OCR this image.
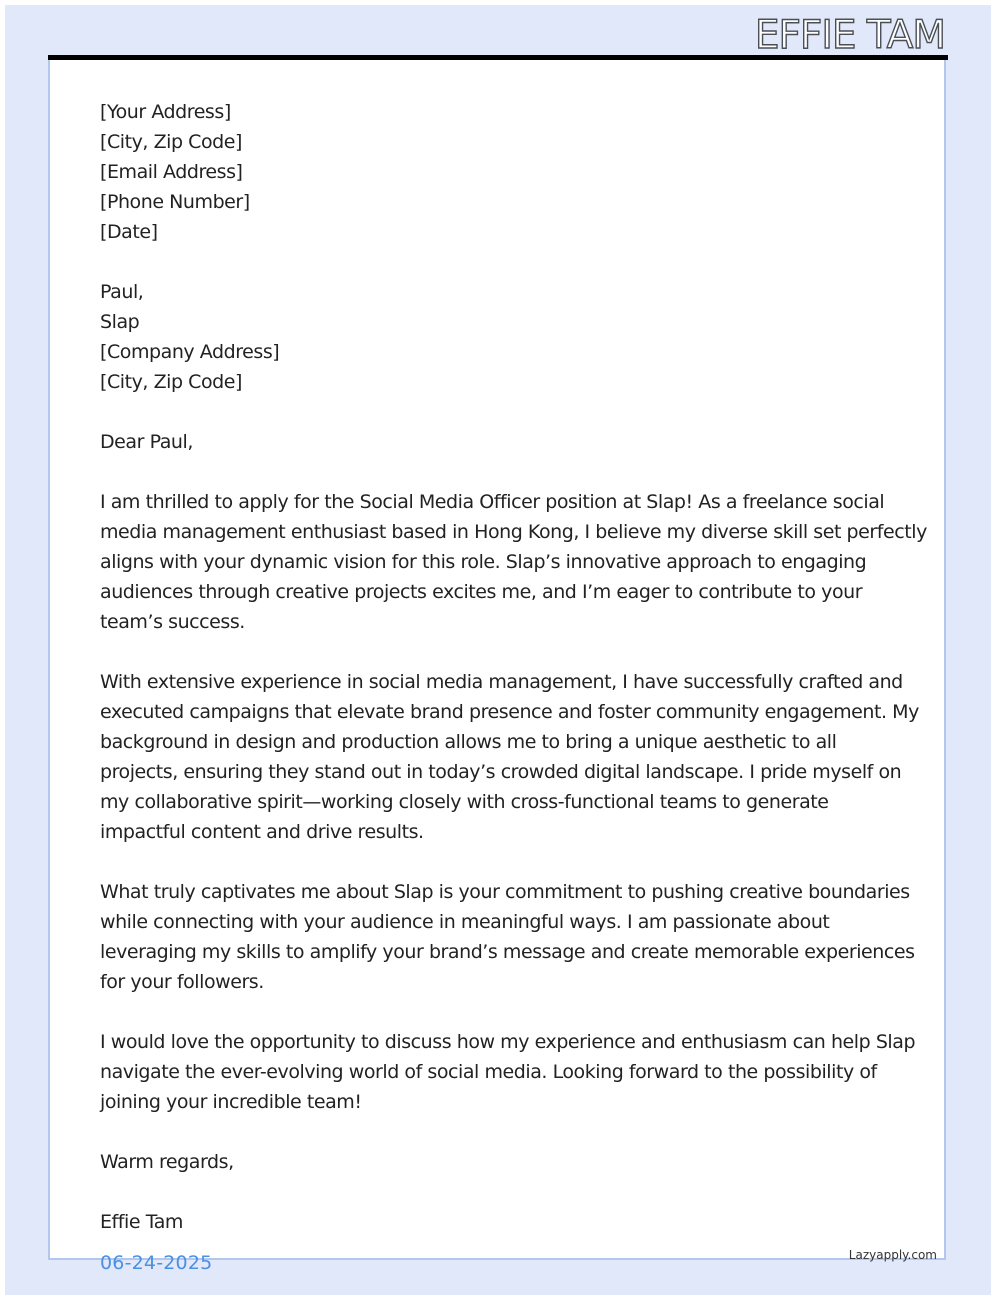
EFFIE TAM
[Your Address]
[City, Zip Code]
[Email Address]
[Phone Number]
[Date]
Paul,
Slap
[Company Address]
[City, Zip Code]
Dear Paul,
I am thrilled to apply for the Social Media Officer position at Slap! As a freelance social
media management enthusiast based in Hong Kong, I believe my diverse skill set perfectly
aligns with your dynamic vision for this role. Slap’s innovative approach to engaging
audiences through creative projects excites me, and I’m eager to contribute to your
team’s success.
With extensive experience in social media management, I have successfully crafted and
executed campaigns that elevate brand presence and foster community engagement. My
background in design and production allows me to bring a unique aesthetic to all
projects, ensuring they stand out in today’s crowded digital landscape. I pride myself on
my collaborative spirit—working closely with cross-functional teams to generate
impactful content and drive results.
What truly captivates me about Slap is your commitment to pushing creative boundaries
while connecting with your audience in meaningful ways. I am passionate about
leveraging my skills to amplify your brand’s message and create memorable experiences
for your followers.
I would love the opportunity to discuss how my experience and enthusiasm can help Slap
navigate the ever-evolving world of social media. Looking forward to the possibility of
joining your incredible team!
Warm regards,
Effie Tam
06-24-2025	Lazyapply.com
